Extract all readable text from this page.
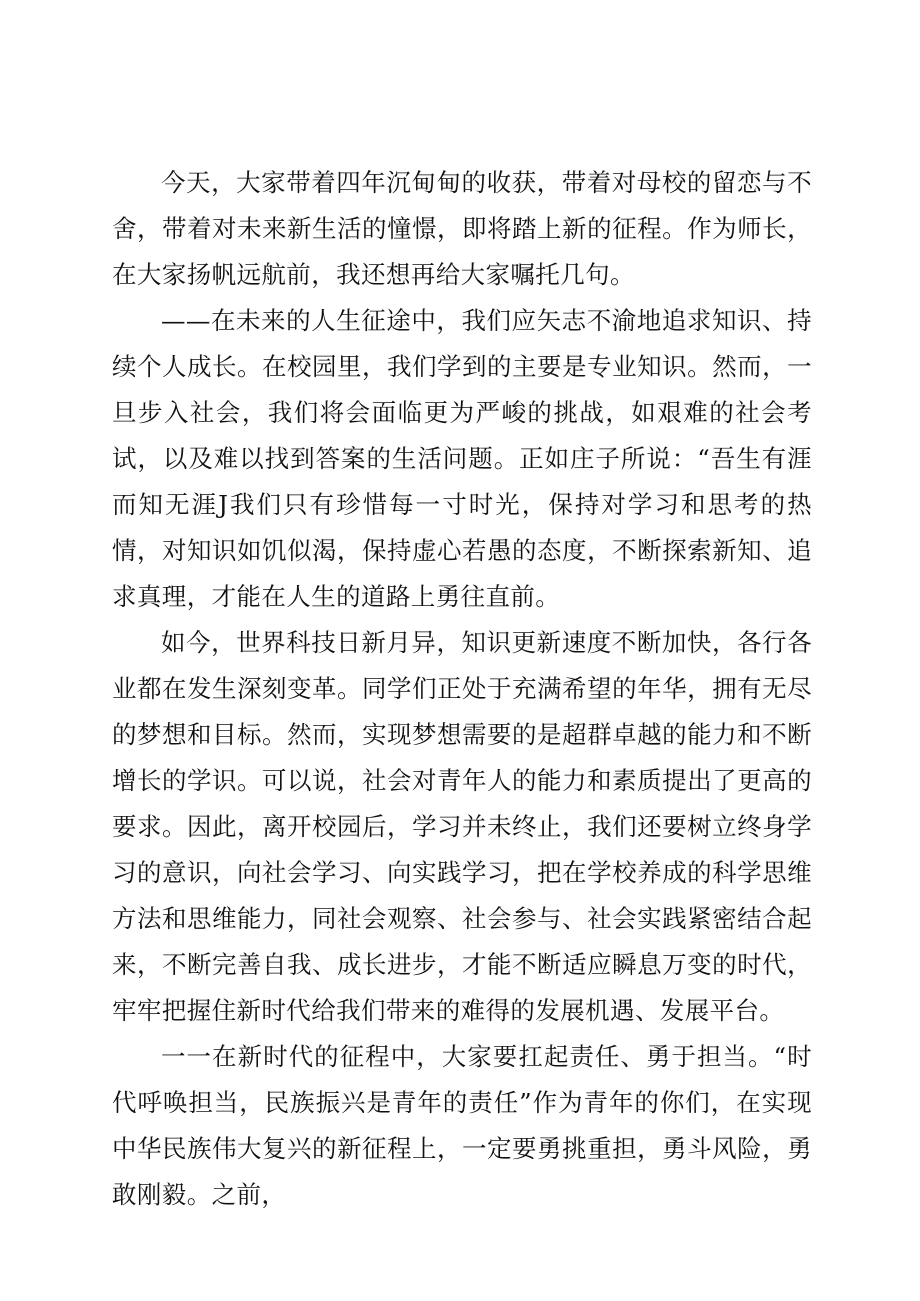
今天，大家带着四年沉甸甸的收获，带着对母校的留恋与不舍，带着对未来新生活的憧憬，即将踏上新的征程。作为师长，在大家扬帆远航前，我还想再给大家嘱托几句。

——在未来的人生征途中，我们应矢志不渝地追求知识、持续个人成长。在校园里，我们学到的主要是专业知识。然而，一旦步入社会，我们将会面临更为严峻的挑战，如艰难的社会考试，以及难以找到答案的生活问题。正如庄子所说：“吾生有涯而知无涯J我们只有珍惜每一寸时光，保持对学习和思考的热情，对知识如饥似渴，保持虚心若愚的态度，不断探索新知、追求真理，才能在人生的道路上勇往直前。

如今，世界科技日新月异，知识更新速度不断加快，各行各业都在发生深刻变革。同学们正处于充满希望的年华，拥有无尽的梦想和目标。然而，实现梦想需要的是超群卓越的能力和不断增长的学识。可以说，社会对青年人的能力和素质提出了更高的要求。因此，离开校园后，学习并未终止，我们还要树立终身学习的意识，向社会学习、向实践学习，把在学校养成的科学思维方法和思维能力，同社会观察、社会参与、社会实践紧密结合起来，不断完善自我、成长进步，才能不断适应瞬息万变的时代，牢牢把握住新时代给我们带来的难得的发展机遇、发展平台。

一一在新时代的征程中，大家要扛起责任、勇于担当。“时代呼唤担当，民族振兴是青年的责任”作为青年的你们，在实现中华民族伟大复兴的新征程上，一定要勇挑重担，勇斗风险，勇敢刚毅。之前，
